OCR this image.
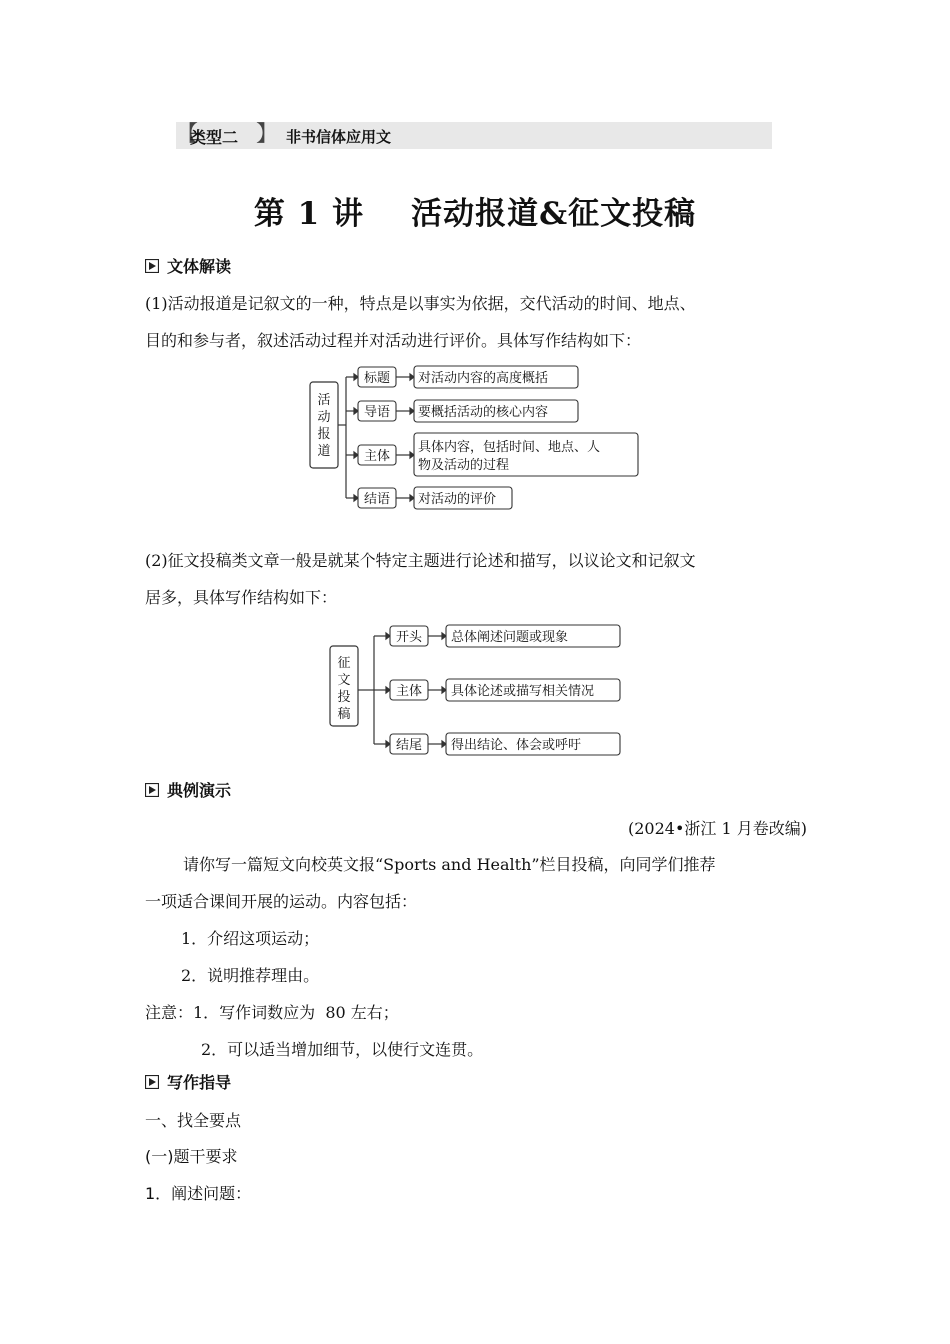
【
类型二 】 非书信体应用文
第 1 讲    活动报道&征文投稿
文体解读
(1)活动报道是记叙文的一种，特点是以事实为依据，交代活动的时间、地点、
目的和参与者，叙述活动过程并对活动进行评价。具体写作结构如下：
活
动
报
道
标题
导语
主体
结语
对活动内容的高度概括
要概括活动的核心内容
具体内容，包括时间、地点、人
物及活动的过程
对活动的评价
(2)征文投稿类文章一般是就某个特定主题进行论述和描写，以议论文和记叙文
居多，具体写作结构如下：
征
文
投
稿
开头
主体
结尾
总体阐述问题或现象
具体论述或描写相关情况
得出结论、体会或呼吁
典例演示
(2024•浙江 1 月卷改编)
请你写一篇短文向校英文报“Sports and Health”栏目投稿，向同学们推荐
一项适合课间开展的运动。内容包括：
1．介绍这项运动；
2．说明推荐理由。
注意：1．写作词数应为  80 左右；
2．可以适当增加细节，以使行文连贯。
写作指导
一、找全要点
(一)题干要求
1．阐述问题：
